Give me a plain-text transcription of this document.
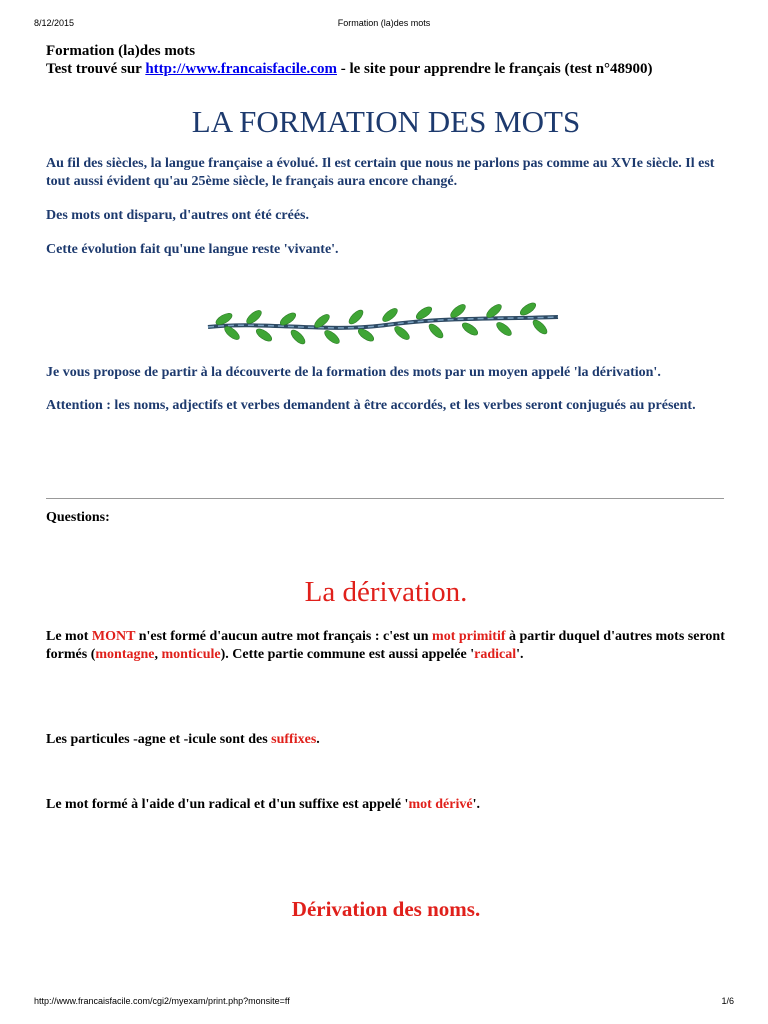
8/12/2015	Formation (la)des mots
Formation (la)des mots
Test trouvé sur http://www.francaisfacile.com - le site pour apprendre le français (test n°48900)
LA FORMATION DES MOTS
Au fil des siècles, la langue française a évolué. Il est certain que nous ne parlons pas comme au XVIe siècle. Il est tout aussi évident qu'au 25ème siècle, le français aura encore changé.
Des mots ont disparu, d'autres ont été créés.
Cette évolution fait qu'une langue reste 'vivante'.
Je vous propose de partir à la découverte de la formation des mots par un moyen appelé 'la dérivation'.
Attention : les noms, adjectifs et verbes demandent à être accordés, et les verbes seront conjugués au présent.
Questions:
La dérivation.
Le mot MONT n'est formé d'aucun autre mot français : c'est un mot primitif à partir duquel d'autres mots seront formés (montagne, monticule). Cette partie commune est aussi appelée 'radical'.
Les particules -agne et -icule sont des suffixes.
Le mot formé à l'aide d'un radical et d'un suffixe est appelé 'mot dérivé'.
Dérivation des noms.
http://www.francaisfacile.com/cgi2/myexam/print.php?monsite=ff	1/6
